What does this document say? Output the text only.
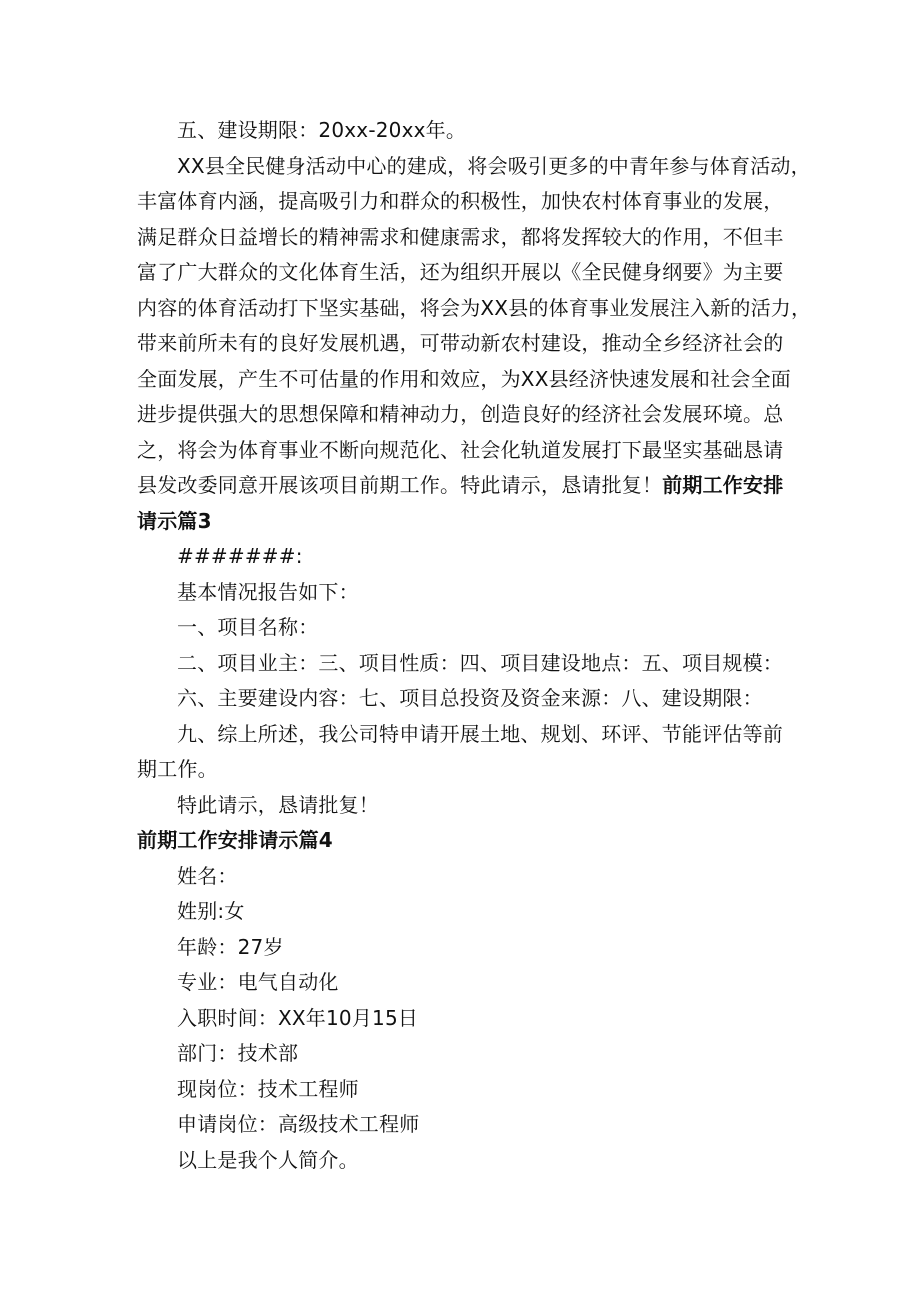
五、建设期限：20xx-20xx年。

XX县全民健身活动中心的建成，将会吸引更多的中青年参与体育活动，
丰富体育内涵，提高吸引力和群众的积极性，加快农村体育事业的发展，
满足群众日益增长的精神需求和健康需求，都将发挥较大的作用，不但丰
富了广大群众的文化体育生活，还为组织开展以《全民健身纲要》为主要
内容的体育活动打下坚实基础，将会为XX县的体育事业发展注入新的活力，
带来前所未有的良好发展机遇，可带动新农村建设，推动全乡经济社会的
全面发展，产生不可估量的作用和效应，为XX县经济快速发展和社会全面
进步提供强大的思想保障和精神动力，创造良好的经济社会发展环境。总
之，将会为体育事业不断向规范化、社会化轨道发展打下最坚实基础恳请
县发改委同意开展该项目前期工作。特此请示，恳请批复！前期工作安排
请示篇3

#######:

基本情况报告如下：

一、项目名称：

二、项目业主：三、项目性质：四、项目建设地点：五、项目规模：

六、主要建设内容：七、项目总投资及资金来源：八、建设期限：

九、综上所述，我公司特申请开展土地、规划、环评、节能评估等前
期工作。

特此请示，恳请批复！

前期工作安排请示篇4

姓名：

姓别:女

年龄：27岁

专业：电气自动化

入职时间：XX年10月15日

部门：技术部

现岗位：技术工程师

申请岗位：高级技术工程师

以上是我个人简介。
